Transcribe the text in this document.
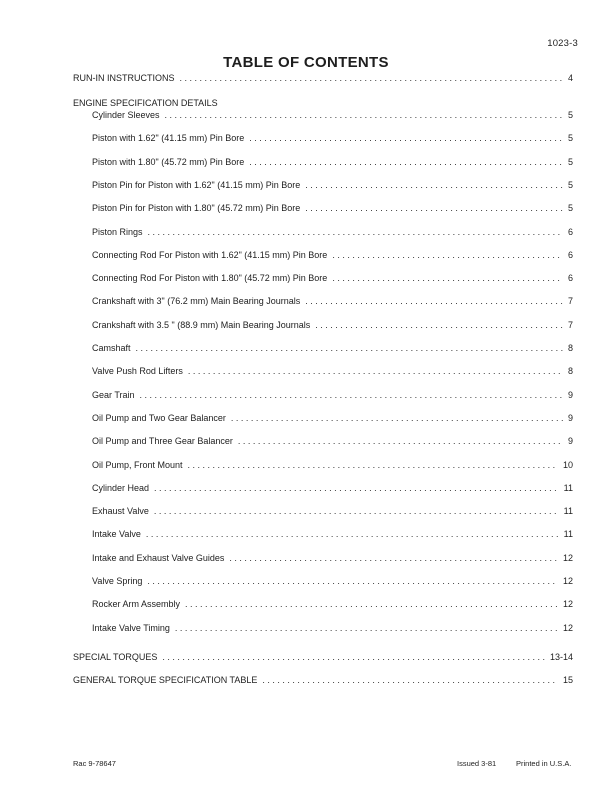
1023-3
TABLE OF CONTENTS
RUN-IN INSTRUCTIONS . . .	4
ENGINE SPECIFICATION DETAILS
Cylinder Sleeves . . .	5
Piston with 1.62" (41.15 mm) Pin Bore . . .	5
Piston with 1.80" (45.72 mm) Pin Bore . . .	5
Piston Pin for Piston with 1.62" (41.15 mm) Pin Bore . . .	5
Piston Pin for Piston with 1.80" (45.72 mm) Pin Bore . . .	5
Piston Rings . . .	6
Connecting Rod For Piston with 1.62" (41.15 mm) Pin Bore . . .	6
Connecting Rod For Piston with 1.80" (45.72 mm) Pin Bore . . .	6
Crankshaft with 3" (76.2 mm) Main Bearing Journals . . .	7
Crankshaft with 3.5 " (88.9 mm) Main Bearing Journals . . .	7
Camshaft . . .	8
Valve Push Rod Lifters . . .	8
Gear Train . . .	9
Oil Pump and Two Gear Balancer . . .	9
Oil Pump and Three Gear Balancer . . .	9
Oil Pump, Front Mount . . .	10
Cylinder Head . . .	11
Exhaust Valve . . .	11
Intake Valve . . .	11
Intake and Exhaust Valve Guides . . .	12
Valve Spring . . .	12
Rocker Arm Assembly . . .	12
Intake Valve Timing . . .	12
SPECIAL TORQUES . . .	13-14
GENERAL TORQUE SPECIFICATION TABLE . . .	15
Rac 9-78647	Issued 3-81	Printed in U.S.A.
